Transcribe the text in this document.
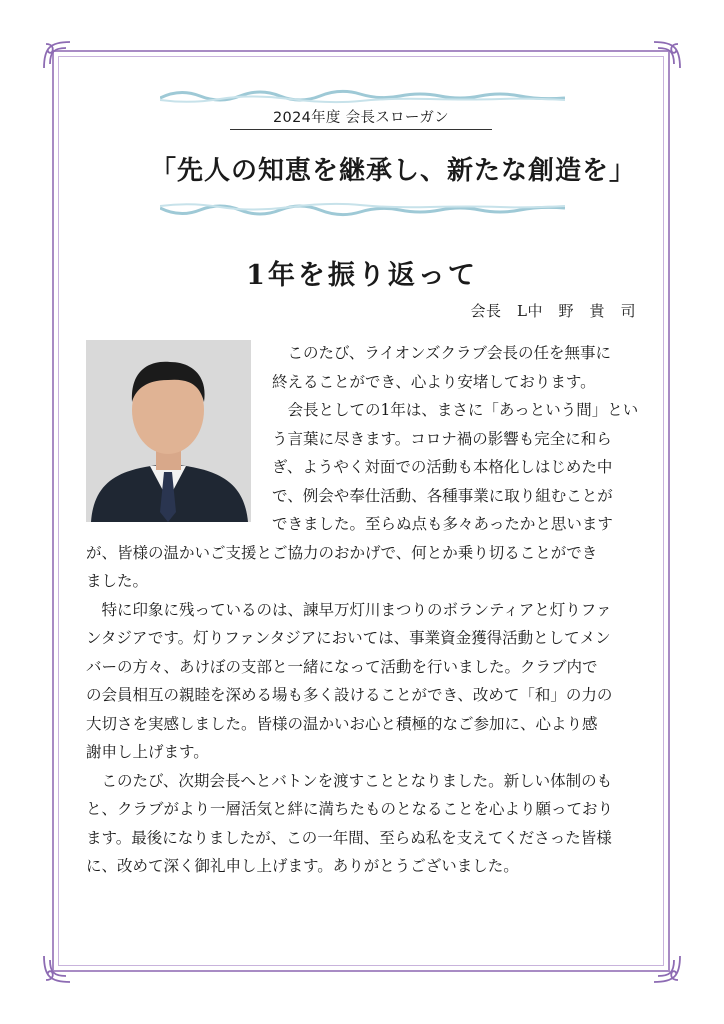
2024年度 会長スローガン
「先人の知恵を継承し、新たな創造を」
1年を振り返って
会長　L中　野　貴　司
　このたび、ライオンズクラブ会長の任を無事に
終えることができ、心より安堵しております。
　会長としての1年は、まさに「あっという間」とい
う言葉に尽きます。コロナ禍の影響も完全に和ら
ぎ、ようやく対面での活動も本格化しはじめた中
で、例会や奉仕活動、各種事業に取り組むことが
できました。至らぬ点も多々あったかと思います
が、皆様の温かいご支援とご協力のおかげで、何とか乗り切ることができ
ました。
　特に印象に残っているのは、諫早万灯川まつりのボランティアと灯りファ
ンタジアです。灯りファンタジアにおいては、事業資金獲得活動としてメン
バーの方々、あけぼの支部と一緒になって活動を行いました。クラブ内で
の会員相互の親睦を深める場も多く設けることができ、改めて「和」の力の
大切さを実感しました。皆様の温かいお心と積極的なご参加に、心より感
謝申し上げます。
　このたび、次期会長へとバトンを渡すこととなりました。新しい体制のも
と、クラブがより一層活気と絆に満ちたものとなることを心より願っており
ます。最後になりましたが、この一年間、至らぬ私を支えてくださった皆様
に、改めて深く御礼申し上げます。ありがとうございました。
